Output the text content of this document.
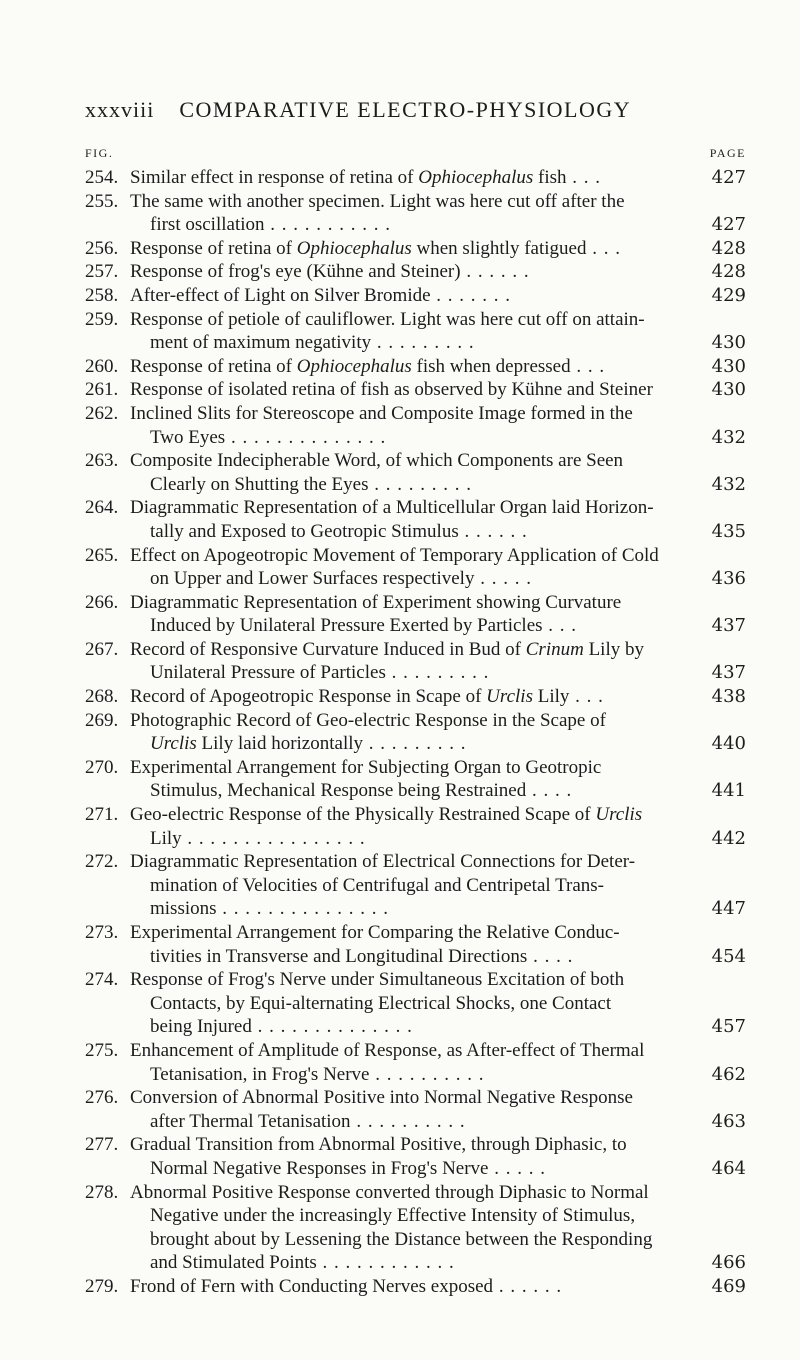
xxxviii COMPARATIVE ELECTRO-PHYSIOLOGY
FIG.	PAGE
254. Similar effect in response of retina of Ophiocephalus fish . . .	427
255. The same with another specimen. Light was here cut off after the
first oscillation . . . . . . . . . . .	427
256. Response of retina of Ophiocephalus when slightly fatigued . . .	428
257. Response of frog's eye (Kühne and Steiner) . . . . . .	428
258. After-effect of Light on Silver Bromide . . . . . . .	429
259. Response of petiole of cauliflower. Light was here cut off on attain-
ment of maximum negativity . . . . . . . . .	430
260. Response of retina of Ophiocephalus fish when depressed . . .	430
261. Response of isolated retina of fish as observed by Kühne and Steiner	430
262. Inclined Slits for Stereoscope and Composite Image formed in the
Two Eyes . . . . . . . . . . . . . .	432
263. Composite Indecipherable Word, of which Components are Seen
Clearly on Shutting the Eyes . . . . . . . . .	432
264. Diagrammatic Representation of a Multicellular Organ laid Horizon-
tally and Exposed to Geotropic Stimulus . . . . . .	435
265. Effect on Apogeotropic Movement of Temporary Application of Cold
on Upper and Lower Surfaces respectively . . . . .	436
266. Diagrammatic Representation of Experiment showing Curvature
Induced by Unilateral Pressure Exerted by Particles . . .	437
267. Record of Responsive Curvature Induced in Bud of Crinum Lily by
Unilateral Pressure of Particles . . . . . . . . .	437
268. Record of Apogeotropic Response in Scape of Urclis Lily . . .	438
269. Photographic Record of Geo-electric Response in the Scape of
Urclis Lily laid horizontally . . . . . . . . .	440
270. Experimental Arrangement for Subjecting Organ to Geotropic
Stimulus, Mechanical Response being Restrained . . . .	441
271. Geo-electric Response of the Physically Restrained Scape of Urclis
Lily . . . . . . . . . . . . . . . .	442
272. Diagrammatic Representation of Electrical Connections for Deter-
mination of Velocities of Centrifugal and Centripetal Trans-
missions . . . . . . . . . . . . . . .	447
273. Experimental Arrangement for Comparing the Relative Conduc-
tivities in Transverse and Longitudinal Directions . . . .	454
274. Response of Frog's Nerve under Simultaneous Excitation of both
Contacts, by Equi-alternating Electrical Shocks, one Contact
being Injured . . . . . . . . . . . . . .	457
275. Enhancement of Amplitude of Response, as After-effect of Thermal
Tetanisation, in Frog's Nerve . . . . . . . . . .	462
276. Conversion of Abnormal Positive into Normal Negative Response
after Thermal Tetanisation . . . . . . . . . .	463
277. Gradual Transition from Abnormal Positive, through Diphasic, to
Normal Negative Responses in Frog's Nerve . . . . .	464
278. Abnormal Positive Response converted through Diphasic to Normal
Negative under the increasingly Effective Intensity of Stimulus,
brought about by Lessening the Distance between the Responding
and Stimulated Points . . . . . . . . . . . .	466
279. Frond of Fern with Conducting Nerves exposed . . . . . .	469
